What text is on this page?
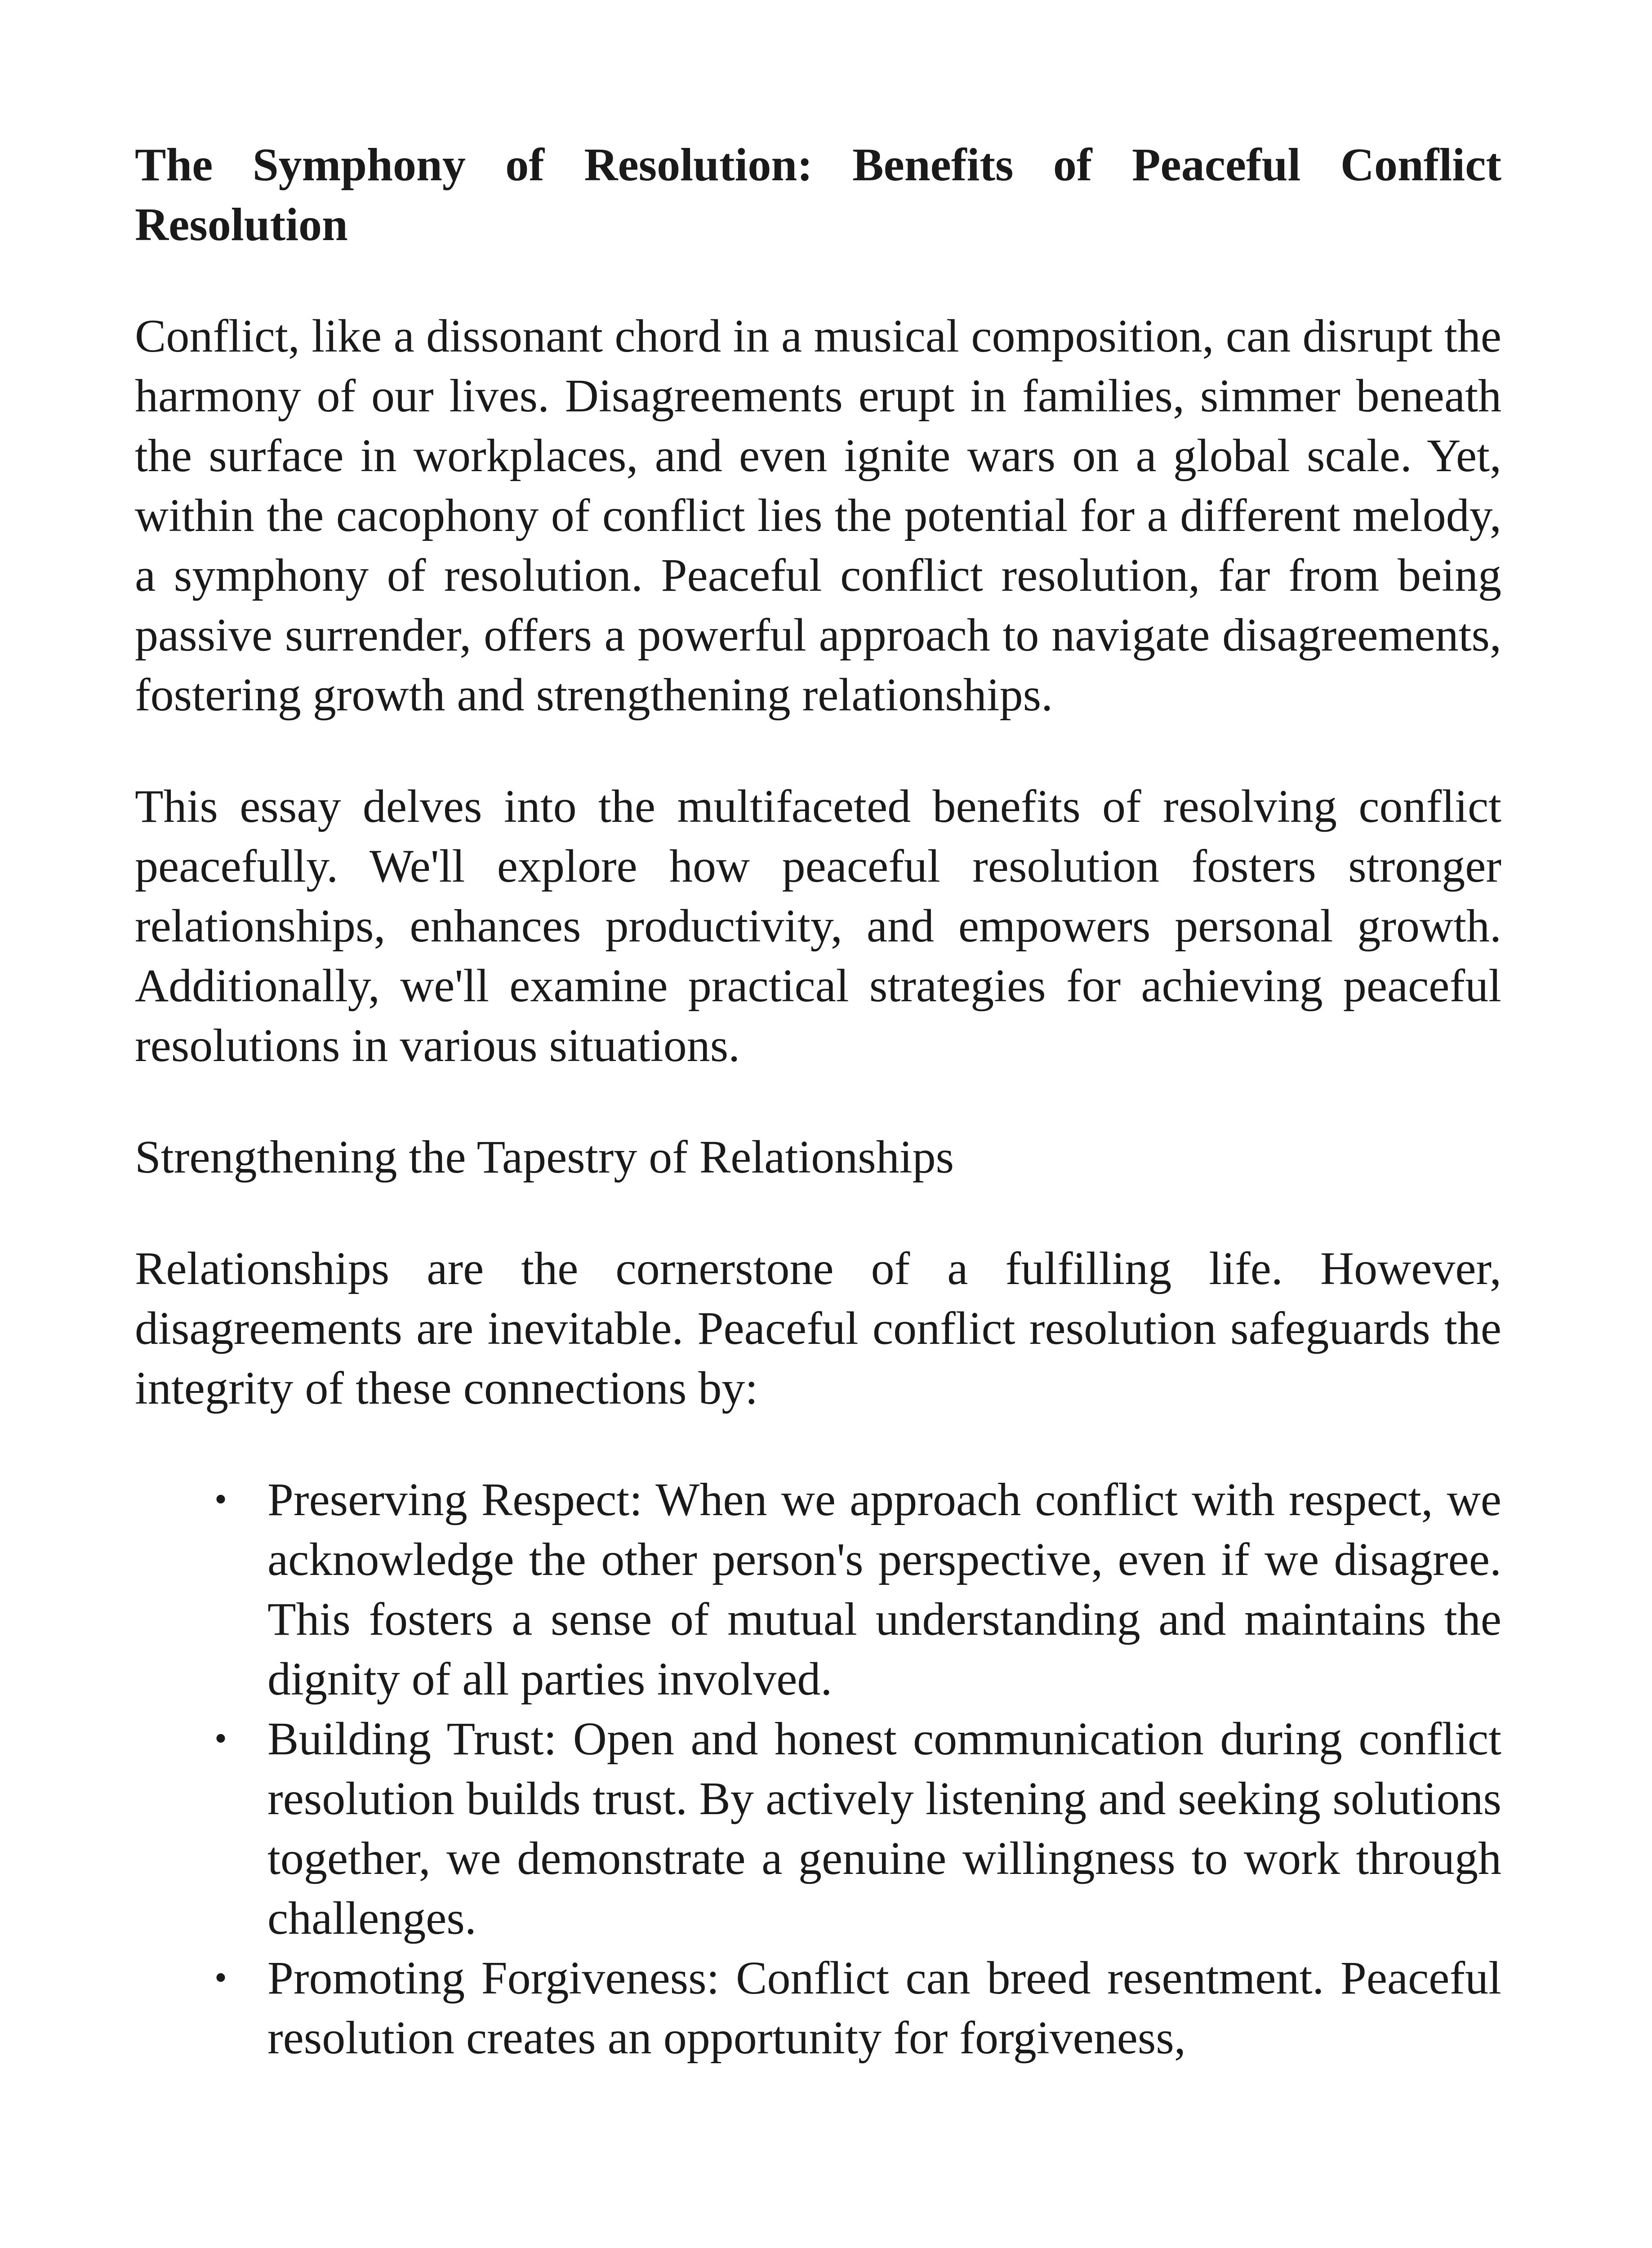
The Symphony of Resolution: Benefits of Peaceful Conflict Resolution

Conflict, like a dissonant chord in a musical composition, can disrupt the harmony of our lives. Disagreements erupt in families, simmer beneath the surface in workplaces, and even ignite wars on a global scale. Yet, within the cacophony of conflict lies the potential for a different melody, a symphony of resolution. Peaceful conflict resolution, far from being passive surrender, offers a powerful approach to navigate disagreements, fostering growth and strengthening relationships.

This essay delves into the multifaceted benefits of resolving conflict peacefully. We'll explore how peaceful resolution fosters stronger relationships, enhances productivity, and empowers personal growth. Additionally, we'll examine practical strategies for achieving peaceful resolutions in various situations.

Strengthening the Tapestry of Relationships

Relationships are the cornerstone of a fulfilling life. However, disagreements are inevitable. Peaceful conflict resolution safeguards the integrity of these connections by:

• Preserving Respect: When we approach conflict with respect, we acknowledge the other person's perspective, even if we disagree. This fosters a sense of mutual understanding and maintains the dignity of all parties involved.
• Building Trust: Open and honest communication during conflict resolution builds trust. By actively listening and seeking solutions together, we demonstrate a genuine willingness to work through challenges.
• Promoting Forgiveness: Conflict can breed resentment. Peaceful resolution creates an opportunity for forgiveness,
